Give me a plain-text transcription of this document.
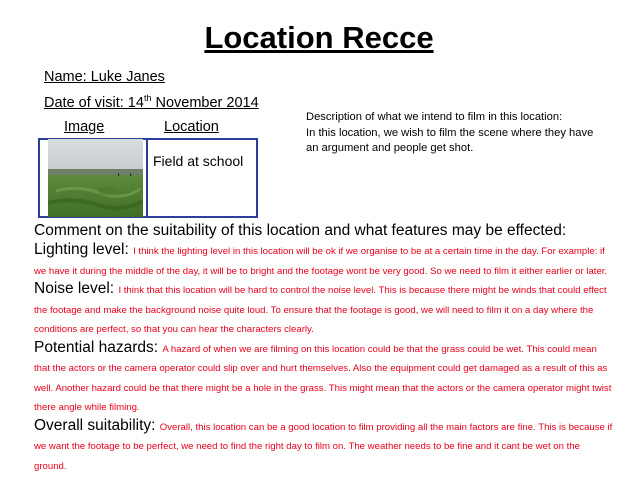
Location Recce
Name: Luke Janes
Date of visit: 14th November 2014
Image	Location
Description of what we intend to film in this location:
In this location, we wish to film the scene where they have an argument and people get shot.
Field at school

Comment on the suitability of this location and what features may be effected:

Lighting level: I think the lighting level in this location will be ok if we organise to be at a certain time in the day. For example: if we have it during the middle of the day, it will be to bright and the footage wont be very good. So we need to film it either earlier or later.

Noise level: I think that this location will be hard to control the noise level. This is because there might be winds that could effect the footage and make the background noise quite loud. To ensure that the footage is good, we will need to film it on a day where the conditions are perfect, so that you can hear the characters clearly.

Potential hazards: A hazard of when we are filming on this location could be that the grass could be wet. This could mean that the actors or the camera operator could slip over and hurt themselves. Also the equipment could get damaged as a result of this as well. Another hazard could be that there might be a hole in the grass. This might mean that the actors or the camera operator might twist there angle while filming.

Overall suitability: Overall, this location can be a good location to film providing all the main factors are fine. This is because if we want the footage to be perfect, we need to find the right day to film on. The weather needs to be fine and it cant be wet on the ground.
